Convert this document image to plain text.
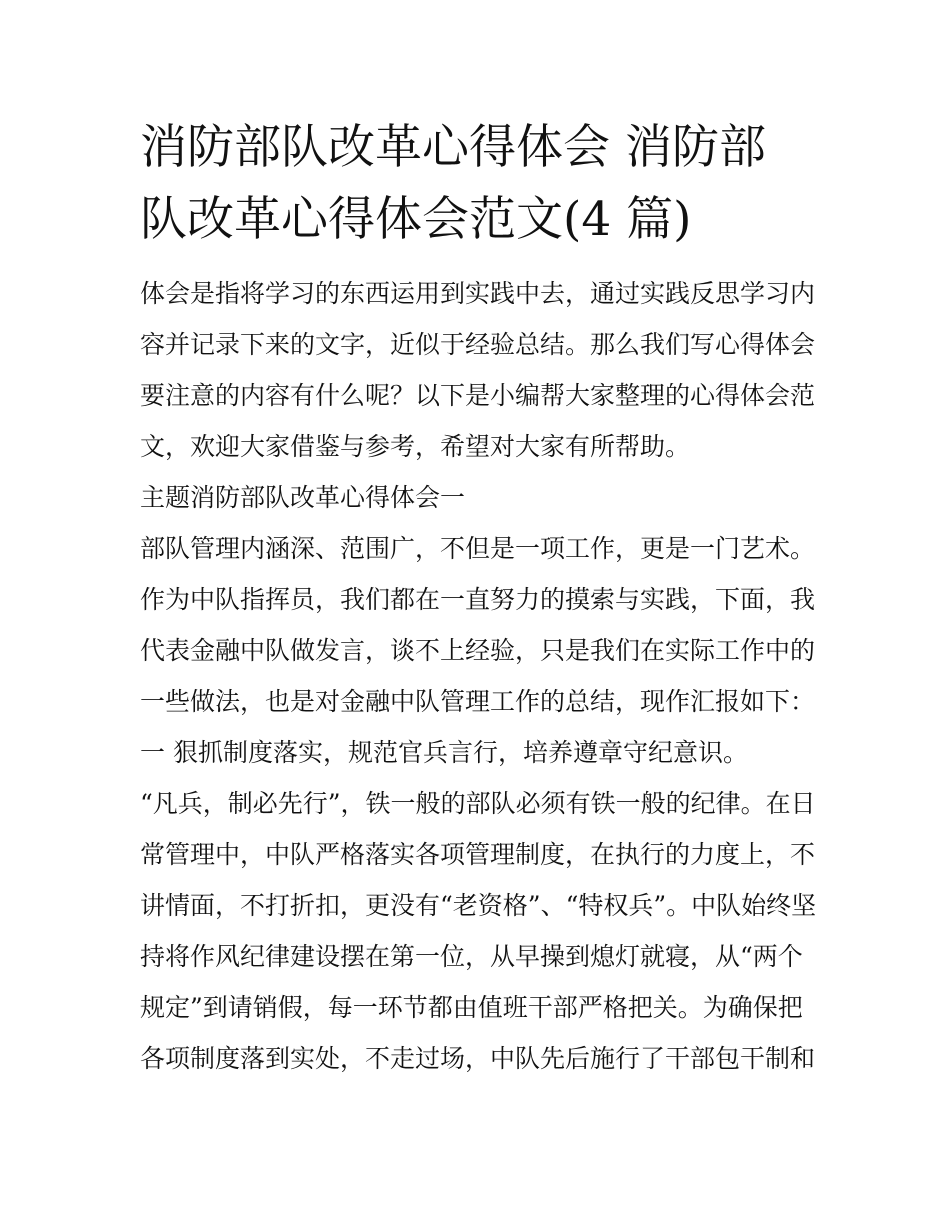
消防部队改革心得体会 消防部队改革心得体会范文(4 篇)
体会是指将学习的东西运用到实践中去，通过实践反思学习内
容并记录下来的文字，近似于经验总结。那么我们写心得体会
要注意的内容有什么呢？以下是小编帮大家整理的心得体会范
文，欢迎大家借鉴与参考，希望对大家有所帮助。
主题消防部队改革心得体会一
部队管理内涵深、范围广，不但是一项工作，更是一门艺术。
作为中队指挥员，我们都在一直努力的摸索与实践，下面，我
代表金融中队做发言，谈不上经验，只是我们在实际工作中的
一些做法，也是对金融中队管理工作的总结，现作汇报如下：
一 狠抓制度落实，规范官兵言行，培养遵章守纪意识。
“凡兵，制必先行”，铁一般的部队必须有铁一般的纪律。在日
常管理中，中队严格落实各项管理制度，在执行的力度上，不
讲情面，不打折扣，更没有“老资格”、“特权兵”。中队始终坚
持将作风纪律建设摆在第一位，从早操到熄灯就寝，从“两个
规定”到请销假，每一环节都由值班干部严格把关。为确保把
各项制度落到实处，不走过场，中队先后施行了干部包干制和
